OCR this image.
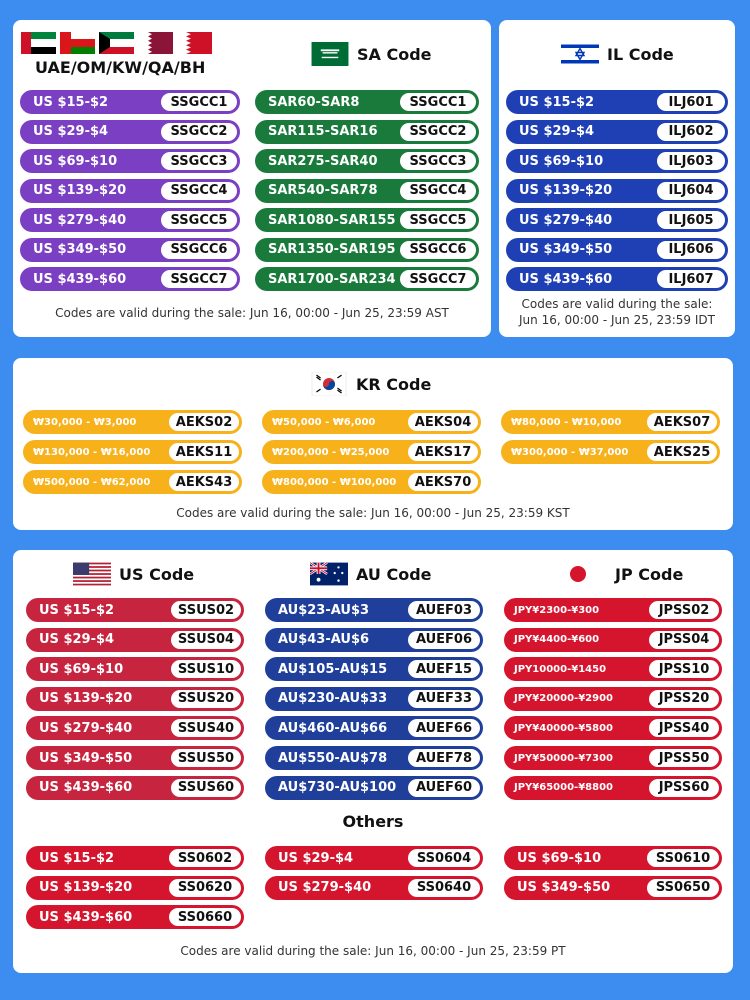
UAE/OM/KW/QA/BH
SA Code
US $15-$2	SSGCC1
US $29-$4	SSGCC2
US $69-$10	SSGCC3
US $139-$20	SSGCC4
US $279-$40	SSGCC5
US $349-$50	SSGCC6
US $439-$60	SSGCC7
SAR60-SAR8	SSGCC1
SAR115-SAR16	SSGCC2
SAR275-SAR40	SSGCC3
SAR540-SAR78	SSGCC4
SAR1080-SAR155	SSGCC5
SAR1350-SAR195	SSGCC6
SAR1700-SAR234	SSGCC7
Codes are valid during the sale: Jun 16, 00:00 - Jun 25, 23:59 AST
IL Code
US $15-$2	ILJ601
US $29-$4	ILJ602
US $69-$10	ILJ603
US $139-$20	ILJ604
US $279-$40	ILJ605
US $349-$50	ILJ606
US $439-$60	ILJ607
Codes are valid during the sale:
Jun 16, 00:00 - Jun 25, 23:59 IDT
KR Code
₩30,000 - ₩3,000	AEKS02
₩130,000 - ₩16,000	AEKS11
₩500,000 - ₩62,000	AEKS43
₩50,000 - ₩6,000	AEKS04
₩200,000 - ₩25,000	AEKS17
₩800,000 - ₩100,000	AEKS70
₩80,000 - ₩10,000	AEKS07
₩300,000 - ₩37,000	AEKS25
Codes are valid during the sale: Jun 16, 00:00 - Jun 25, 23:59 KST
US Code	AU Code	JP Code
US $15-$2	SSUS02
US $29-$4	SSUS04
US $69-$10	SSUS10
US $139-$20	SSUS20
US $279-$40	SSUS40
US $349-$50	SSUS50
US $439-$60	SSUS60
AU$23-AU$3	AUEF03
AU$43-AU$6	AUEF06
AU$105-AU$15	AUEF15
AU$230-AU$33	AUEF33
AU$460-AU$66	AUEF66
AU$550-AU$78	AUEF78
AU$730-AU$100	AUEF60
JPY¥2300-¥300	JPSS02
JPY¥4400-¥600	JPSS04
JPY10000-¥1450	JPSS10
JPY¥20000-¥2900	JPSS20
JPY¥40000-¥5800	JPSS40
JPY¥50000-¥7300	JPSS50
JPY¥65000-¥8800	JPSS60
Others
US $15-$2	SS0602	US $29-$4	SS0604	US $69-$10	SS0610
US $139-$20	SS0620	US $279-$40	SS0640	US $349-$50	SS0650
US $439-$60	SS0660
Codes are valid during the sale: Jun 16, 00:00 - Jun 25, 23:59 PT
